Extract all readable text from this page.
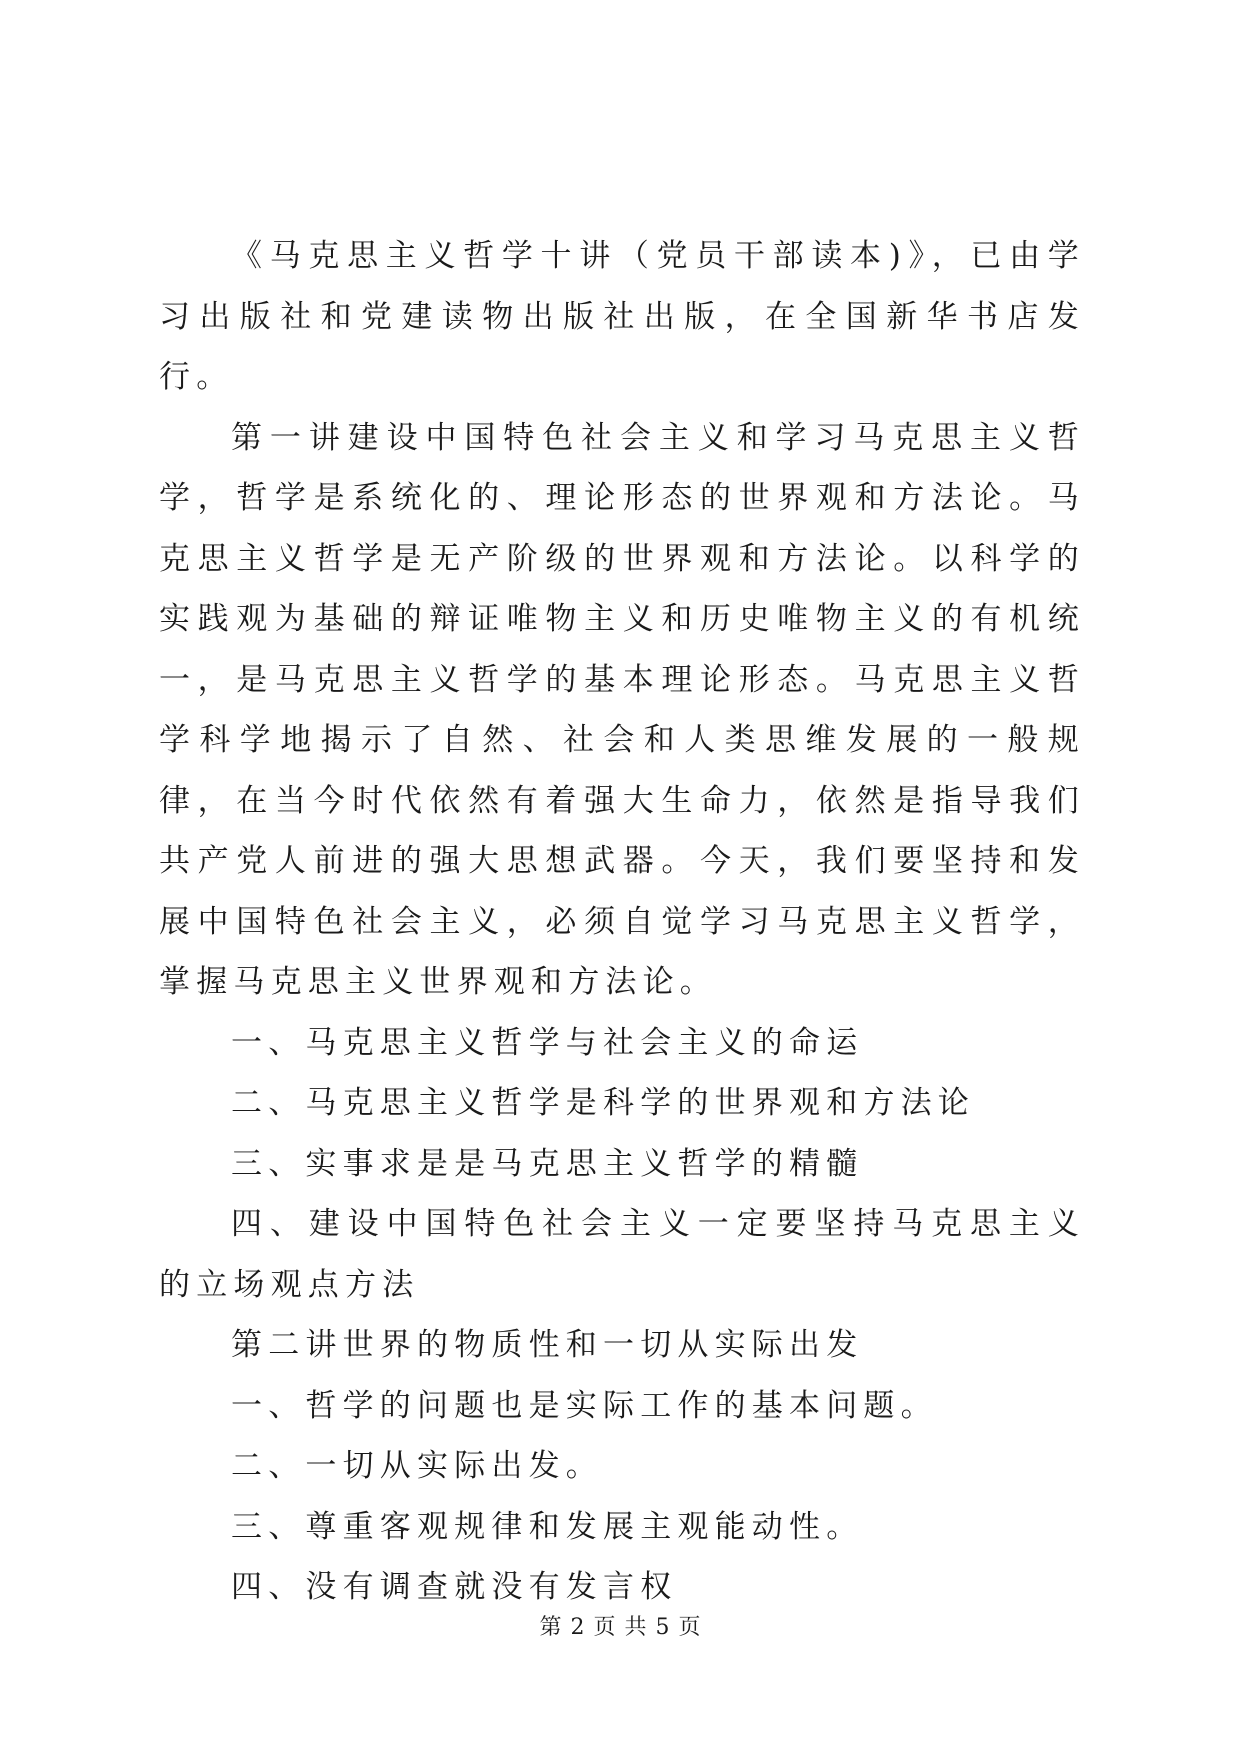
《马克思主义哲学十讲（党员干部读本)》，已由学习出版社和党建读物出版社出版，在全国新华书店发行。

第一讲建设中国特色社会主义和学习马克思主义哲学，哲学是系统化的、理论形态的世界观和方法论。马克思主义哲学是无产阶级的世界观和方法论。以科学的实践观为基础的辩证唯物主义和历史唯物主义的有机统一，是马克思主义哲学的基本理论形态。马克思主义哲学科学地揭示了自然、社会和人类思维发展的一般规律，在当今时代依然有着强大生命力，依然是指导我们共产党人前进的强大思想武器。今天，我们要坚持和发展中国特色社会主义，必须自觉学习马克思主义哲学，掌握马克思主义世界观和方法论。

一、马克思主义哲学与社会主义的命运

二、马克思主义哲学是科学的世界观和方法论

三、实事求是是马克思主义哲学的精髓

四、建设中国特色社会主义一定要坚持马克思主义的立场观点方法

第二讲世界的物质性和一切从实际出发

一、哲学的问题也是实际工作的基本问题。

二、一切从实际出发。

三、尊重客观规律和发展主观能动性。

四、没有调查就没有发言权

第 2 页 共 5 页
